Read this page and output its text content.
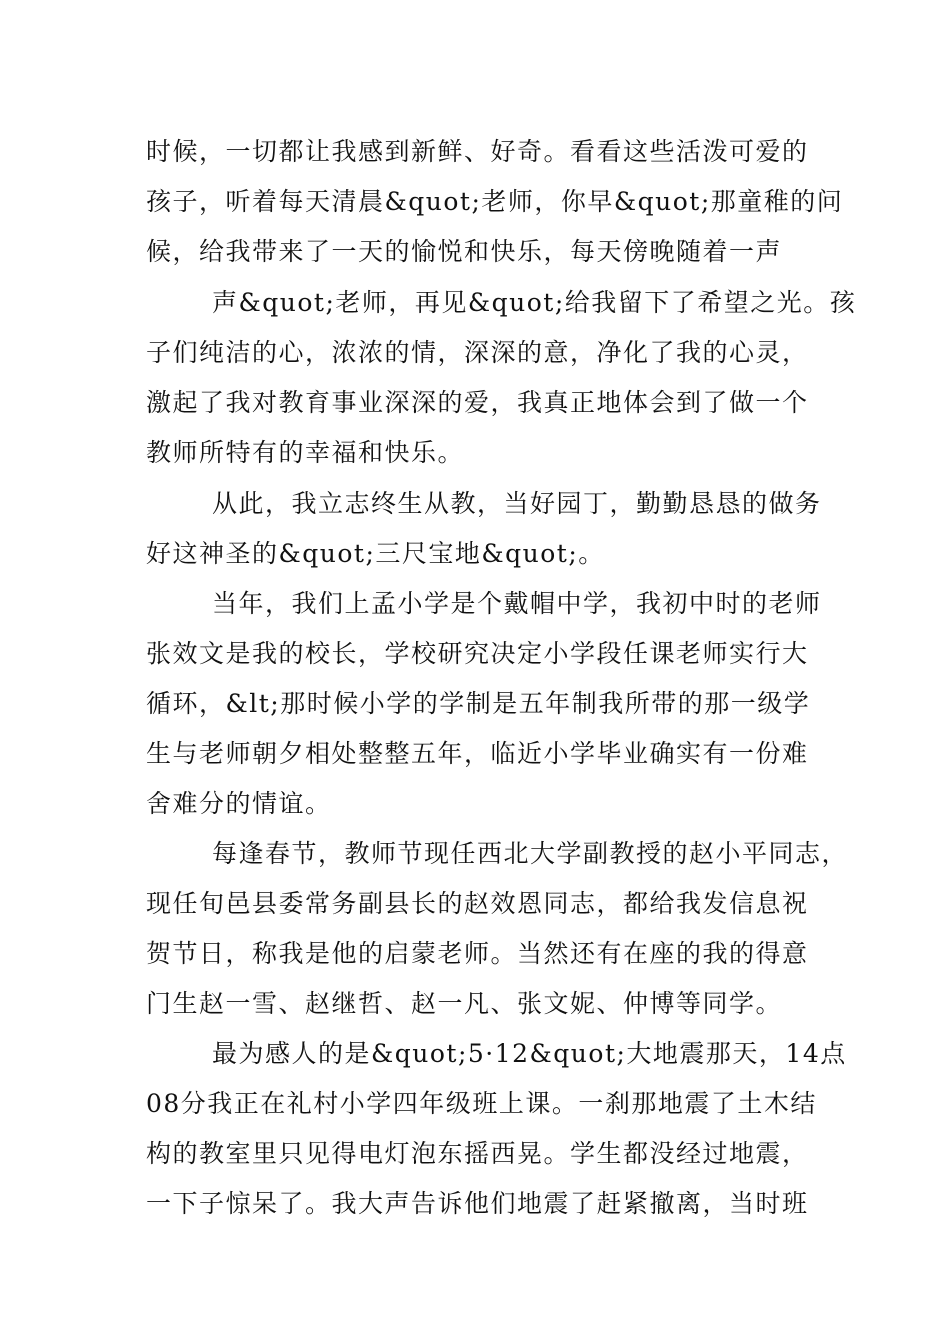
时候，一切都让我感到新鲜、好奇。看看这些活泼可爱的
孩子，听着每天清晨&quot;老师，你早&quot;那童稚的问
候，给我带来了一天的愉悦和快乐，每天傍晚随着一声
声&quot;老师，再见&quot;给我留下了希望之光。孩
子们纯洁的心，浓浓的情，深深的意，净化了我的心灵，
激起了我对教育事业深深的爱，我真正地体会到了做一个
教师所特有的幸福和快乐。
从此，我立志终生从教，当好园丁，勤勤恳恳的做务
好这神圣的&quot;三尺宝地&quot;。
当年，我们上孟小学是个戴帽中学，我初中时的老师
张效文是我的校长，学校研究决定小学段任课老师实行大
循环，&lt;那时候小学的学制是五年制我所带的那一级学
生与老师朝夕相处整整五年，临近小学毕业确实有一份难
舍难分的情谊。
每逢春节，教师节现任西北大学副教授的赵小平同志，
现任旬邑县委常务副县长的赵效恩同志，都给我发信息祝
贺节日，称我是他的启蒙老师。当然还有在座的我的得意
门生赵一雪、赵继哲、赵一凡、张文妮、仲博等同学。
最为感人的是&quot;5·12&quot;大地震那天，14点
08分我正在礼村小学四年级班上课。一刹那地震了土木结
构的教室里只见得电灯泡东摇西晃。学生都没经过地震，
一下子惊呆了。我大声告诉他们地震了赶紧撤离，当时班
